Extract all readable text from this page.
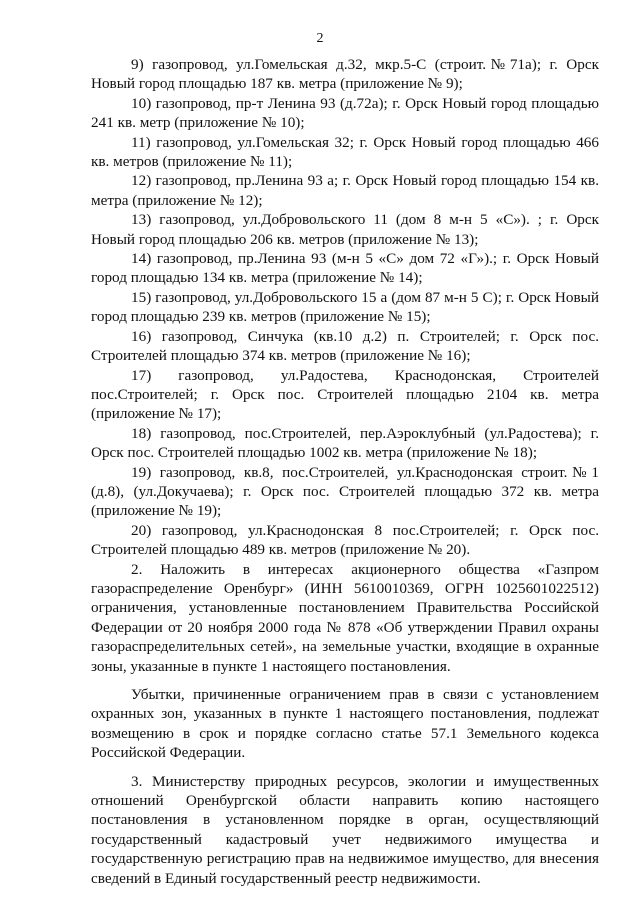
2

9) газопровод, ул.Гомельская д.32, мкр.5-С (строит.№71а); г. Орск Новый город площадью 187 кв. метра (приложение № 9);

10) газопровод, пр-т Ленина 93 (д.72а); г. Орск Новый город площадью 241 кв. метр (приложение № 10);

11) газопровод, ул.Гомельская 32; г. Орск Новый город площадью 466 кв. метров (приложение № 11);

12) газопровод, пр.Ленина 93 а; г. Орск Новый город площадью 154 кв. метра (приложение № 12);

13) газопровод, ул.Добровольского 11 (дом 8 м-н 5 «С»). ; г. Орск Новый город площадью 206 кв. метров (приложение № 13);

14) газопровод, пр.Ленина 93 (м-н 5 «С» дом 72 «Г»).; г. Орск Новый город площадью 134 кв. метра (приложение № 14);

15) газопровод, ул.Добровольского 15 а (дом 87 м-н 5 С); г. Орск Новый город площадью 239 кв. метров (приложение № 15);

16) газопровод, Синчука (кв.10 д.2) п. Строителей; г. Орск пос. Строителей площадью 374 кв. метров (приложение № 16);

17) газопровод, ул.Радостева, Краснодонская, Строителей пос.Строителей; г. Орск пос. Строителей площадью 2104 кв. метра (приложение № 17);

18) газопровод, пос.Строителей, пер.Аэроклубный (ул.Радостева); г. Орск пос. Строителей площадью 1002 кв. метра (приложение № 18);

19) газопровод, кв.8, пос.Строителей, ул.Краснодонская строит.№1 (д.8), (ул.Докучаева); г. Орск пос. Строителей площадью 372 кв. метра (приложение № 19);

20) газопровод, ул.Краснодонская 8 пос.Строителей; г. Орск пос. Строителей площадью 489 кв. метров (приложение № 20).

2. Наложить в интересах акционерного общества «Газпром газораспределение Оренбург» (ИНН 5610010369, ОГРН 1025601022512) ограничения, установленные постановлением Правительства Российской Федерации от 20 ноября 2000 года № 878 «Об утверждении Правил охраны газораспределительных сетей», на земельные участки, входящие в охранные зоны, указанные в пункте 1 настоящего постановления.

Убытки, причиненные ограничением прав в связи с установлением охранных зон, указанных в пункте 1 настоящего постановления, подлежат возмещению в срок и порядке согласно статье 57.1 Земельного кодекса Российской Федерации.

3. Министерству природных ресурсов, экологии и имущественных отношений Оренбургской области направить копию настоящего постановления в установленном порядке в орган, осуществляющий государственный кадастровый учет недвижимого имущества и государственную регистрацию прав на недвижимое имущество, для внесения сведений в Единый государственный реестр недвижимости.
